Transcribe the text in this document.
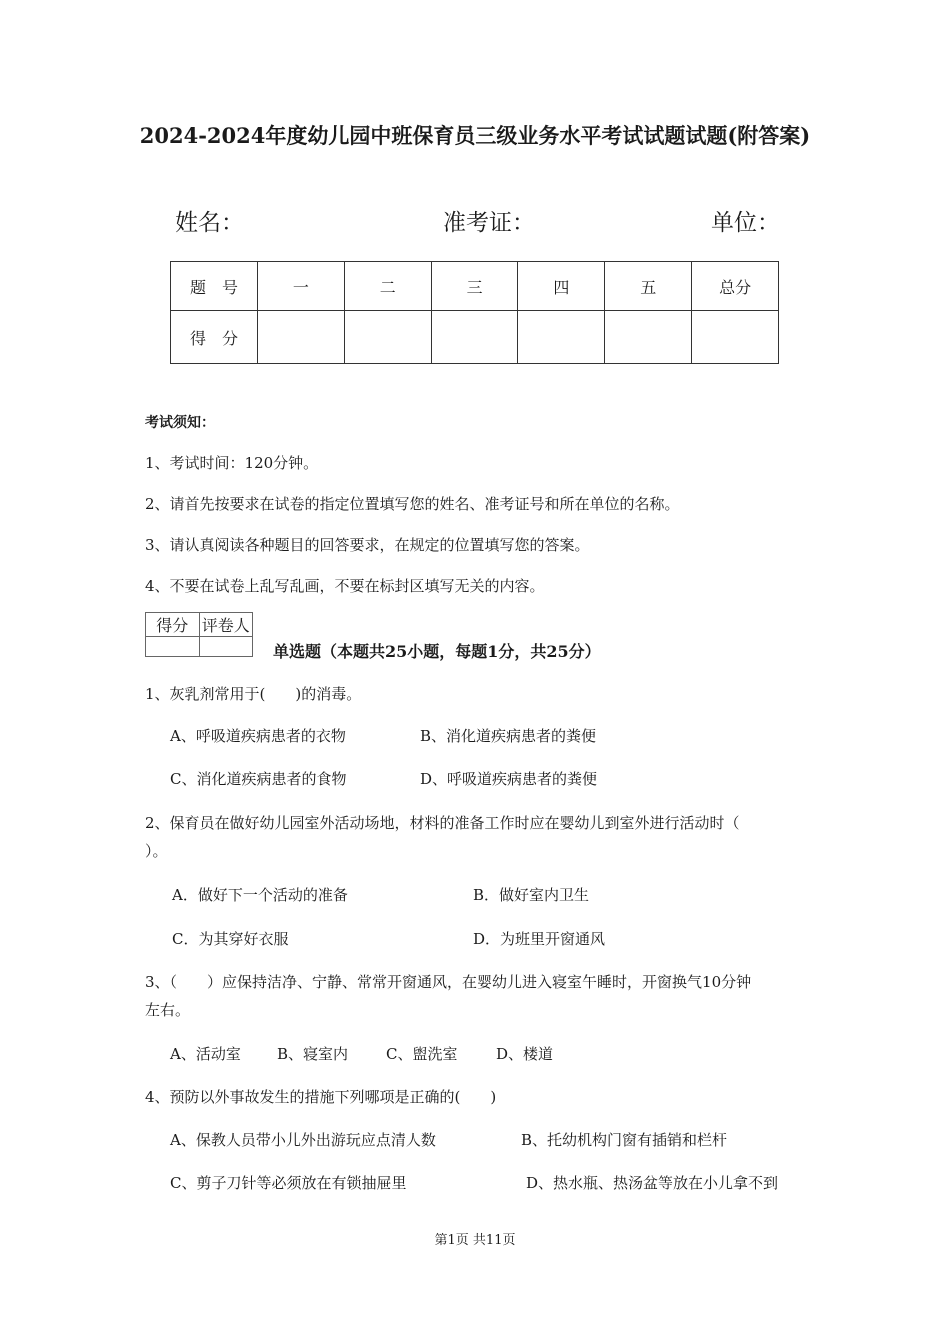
2024-2024年度幼儿园中班保育员三级业务水平考试试题试题(附答案)
姓名：	准考证：	单位：
题　号	一	二	三	四	五	总分
得　分						
考试须知：
1、考试时间：120分钟。
2、请首先按要求在试卷的指定位置填写您的姓名、准考证号和所在单位的名称。
3、请认真阅读各种题目的回答要求，在规定的位置填写您的答案。
4、不要在试卷上乱写乱画，不要在标封区填写无关的内容。
得分	评卷人

单选题（本题共25小题，每题1分，共25分）
1、灰乳剂常用于(　　)的消毒。
A、呼吸道疾病患者的衣物	B、消化道疾病患者的粪便
C、消化道疾病患者的食物	D、呼吸道疾病患者的粪便
2、保育员在做好幼儿园室外活动场地，材料的准备工作时应在婴幼儿到室外进行活动时（
）。
A．做好下一个活动的准备	B．做好室内卫生
C．为其穿好衣服	D．为班里开窗通风
3、（　　）应保持洁净、宁静、常常开窗通风，在婴幼儿进入寝室午睡时，开窗换气10分钟
左右。
A、活动室 B、寝室内	C、盥洗室	D、楼道
4、预防以外事故发生的措施下列哪项是正确的(　　)
A、保教人员带小儿外出游玩应点清人数	B、托幼机构门窗有插销和栏杆
C、剪子刀针等必须放在有锁抽屉里	D、热水瓶、热汤盆等放在小儿拿不到
第1页 共11页
